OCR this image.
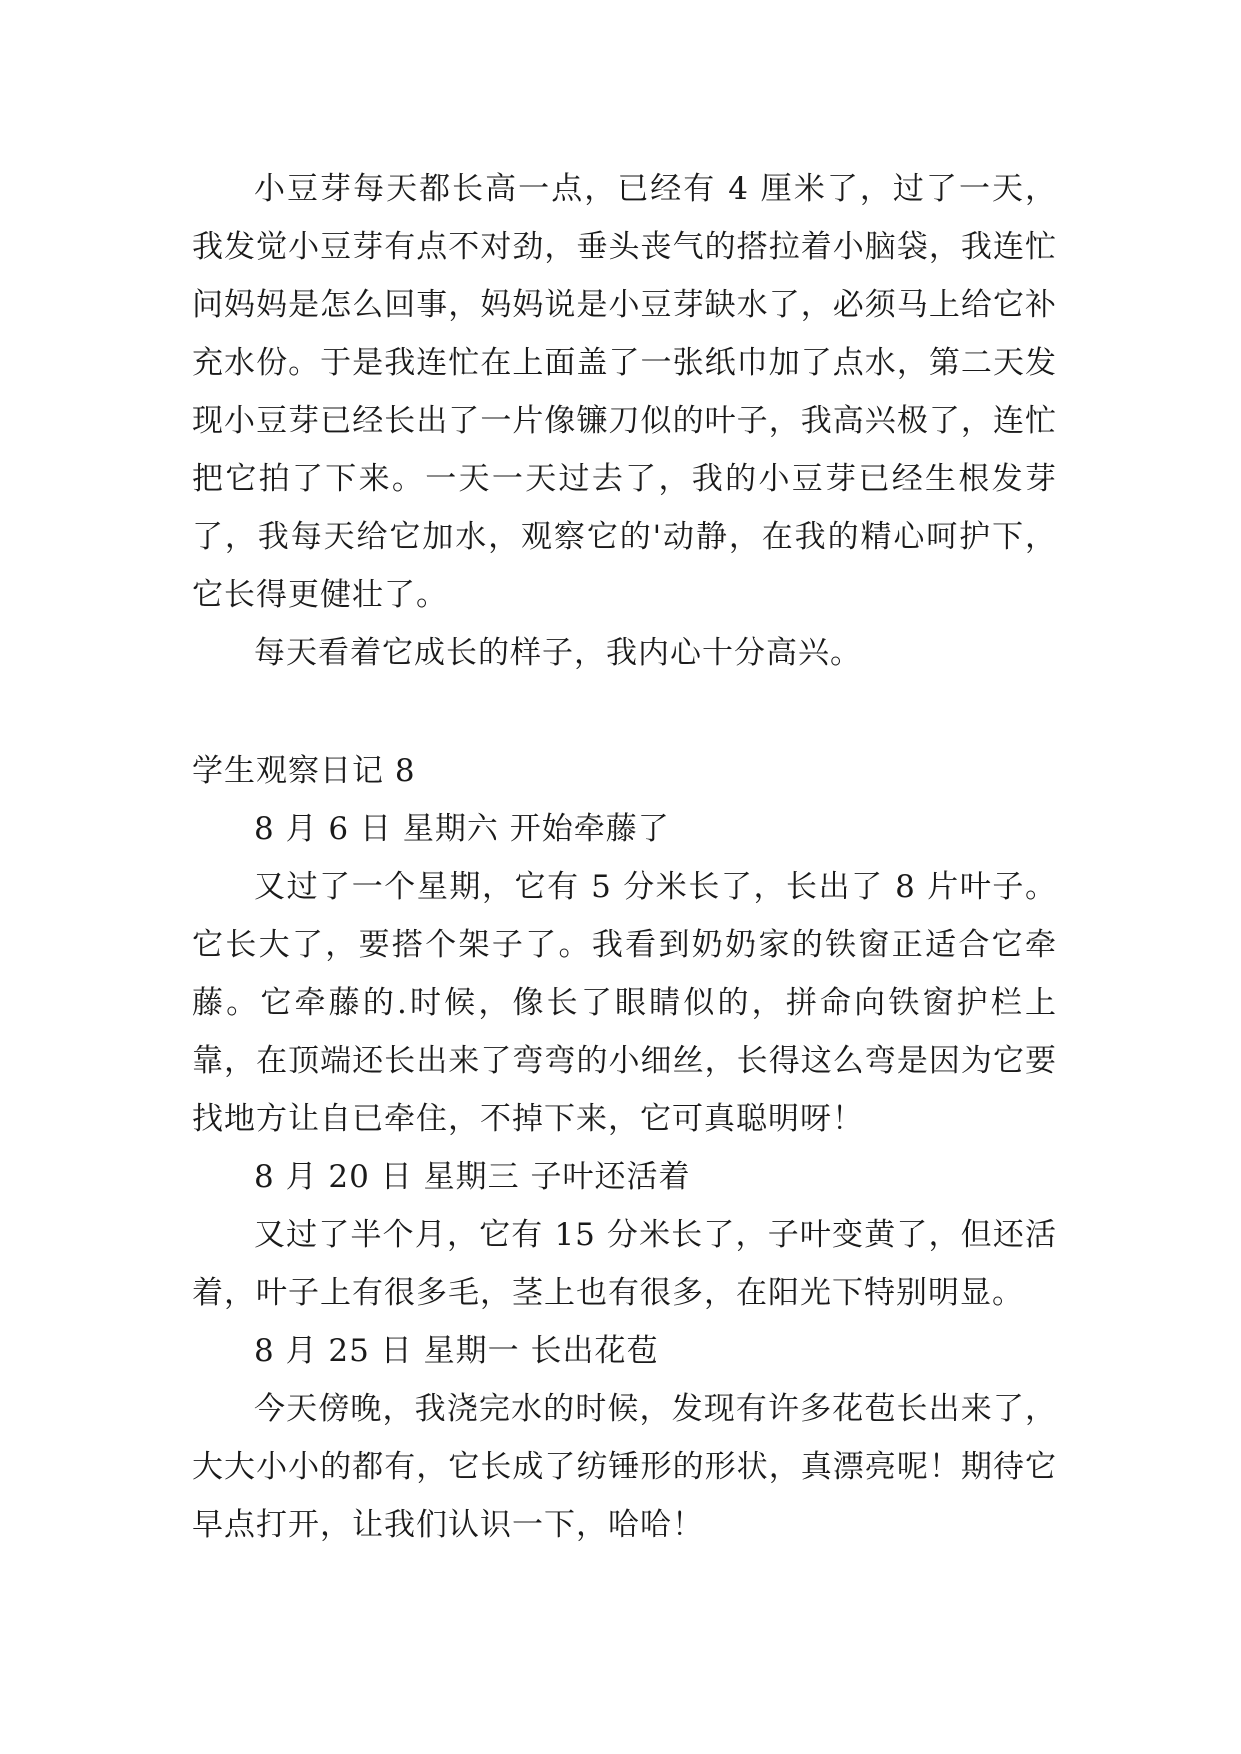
小豆芽每天都长高一点，已经有 4 厘米了，过了一天，我发觉小豆芽有点不对劲，垂头丧气的搭拉着小脑袋，我连忙问妈妈是怎么回事，妈妈说是小豆芽缺水了，必须马上给它补充水份。于是我连忙在上面盖了一张纸巾加了点水，第二天发现小豆芽已经长出了一片像镰刀似的叶子，我高兴极了，连忙把它拍了下来。一天一天过去了，我的小豆芽已经生根发芽了，我每天给它加水，观察它的'动静，在我的精心呵护下，它长得更健壮了。

每天看着它成长的样子，我内心十分高兴。

学生观察日记 8

8 月 6 日 星期六 开始牵藤了

又过了一个星期，它有 5 分米长了，长出了 8 片叶子。它长大了，要搭个架子了。我看到奶奶家的铁窗正适合它牵藤。它牵藤的.时候，像长了眼睛似的，拼命向铁窗护栏上靠，在顶端还长出来了弯弯的小细丝，长得这么弯是因为它要找地方让自已牵住，不掉下来，它可真聪明呀！

8 月 20 日 星期三 子叶还活着

又过了半个月，它有 15 分米长了，子叶变黄了，但还活着，叶子上有很多毛，茎上也有很多，在阳光下特别明显。

8 月 25 日 星期一 长出花苞

今天傍晚，我浇完水的时候，发现有许多花苞长出来了，大大小小的都有，它长成了纺锤形的形状，真漂亮呢！期待它早点打开，让我们认识一下，哈哈！
